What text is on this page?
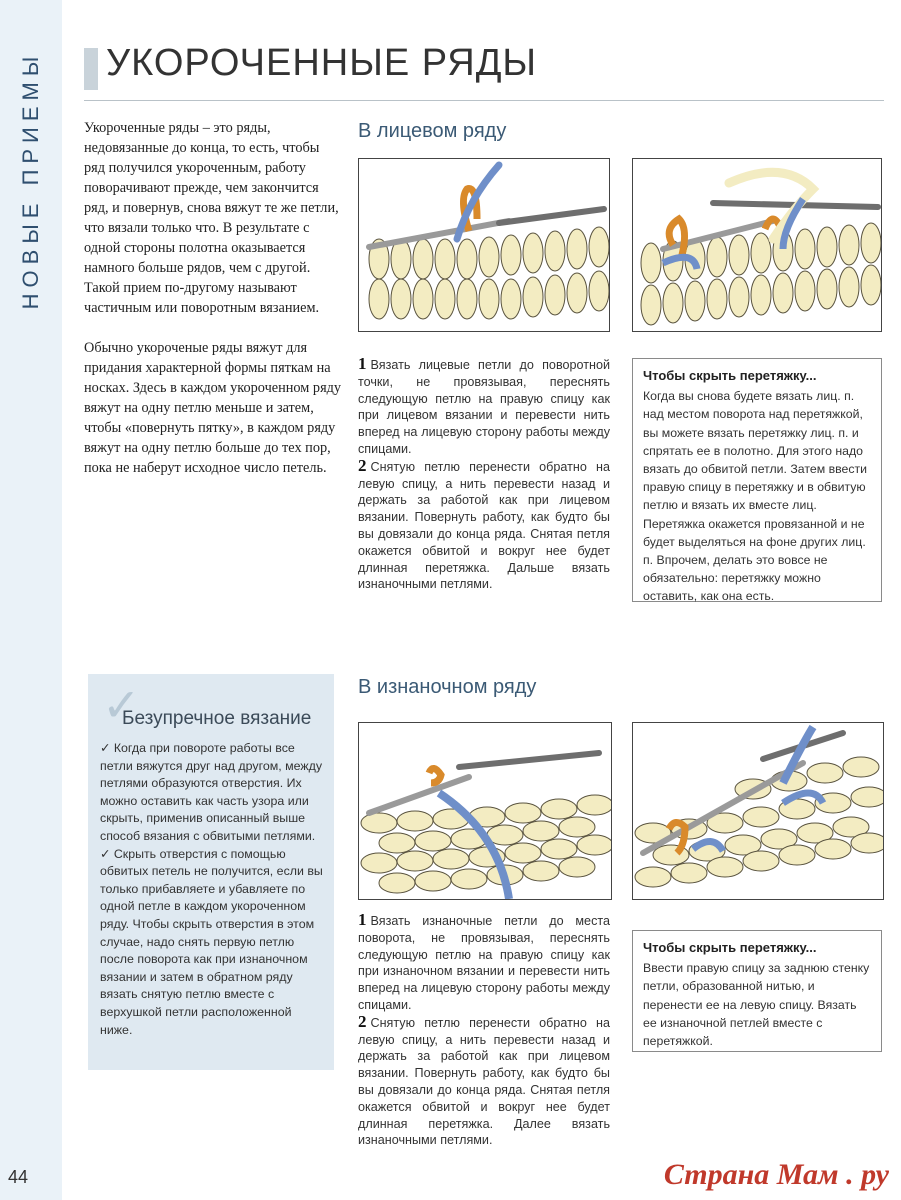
НОВЫЕ ПРИЕМЫ
44
УКОРОЧЕННЫЕ РЯДЫ

Укороченные ряды – это ряды, недовязанные до конца, то есть, чтобы ряд получился укороченным, работу поворачивают прежде, чем закончится ряд, и повернув, снова вяжут те же петли, что вязали только что. В результате с одной стороны полотна оказывается намного больше рядов, чем с другой. Такой прием по-другому называют частичным или поворотным вязанием.

Обычно укороченые ряды вяжут для придания характерной формы пяткам на носках. Здесь в каждом укороченном ряду вяжут на одну петлю меньше и затем, чтобы «повернуть пятку», в каждом ряду вяжут на одну петлю больше до тех пор, пока не наберут исходное число петель.

В лицевом ряду

1 Вязать лицевые петли до поворотной точки, не провязывая, переснять следующую петлю на правую спицу как при лицевом вязании и перевести нить вперед на лицевую сторону работы между спицами.

2 Снятую петлю перенести обратно на левую спицу, а нить перевести назад и держать за работой как при лицевом вязании. Повернуть работу, как будто бы вы довязали до конца ряда. Снятая петля окажется обвитой и вокруг нее будет длинная перетяжка. Дальше вязать изнаночными петлями.

Чтобы скрыть перетяжку...
Когда вы снова будете вязать лиц. п. над местом поворота над перетяжкой, вы можете вязать перетяжку лиц. п. и спрятать ее в полотно. Для этого надо вязать до обвитой петли. Затем ввести правую спицу в перетяжку и в обвитую петлю и вязать их вместе лиц. Перетяжка окажется провязанной и не будет выделяться на фоне других лиц. п. Впрочем, делать это вовсе не обязательно: перетяжку можно оставить, как она есть.
✓
Безупречное вязание

✓ Когда при повороте работы все петли вяжутся друг над другом, между петлями образуются отверстия. Их можно оставить как часть узора или скрыть, применив описанный выше способ вязания с обвитыми петлями.

✓ Скрыть отверстия с помощью обвитых петель не получится, если вы только прибавляете и убавляете по одной петле в каждом укороченном ряду. Чтобы скрыть отверстия в этом случае, надо снять первую петлю после поворота как при изнаночном вязании и затем в обратном ряду вязать снятую петлю вместе с верхушкой петли расположенной ниже.

В изнаночном ряду

1 Вязать изнаночные петли до места поворота, не провязывая, переснять следующую петлю на правую спицу как при изнаночном вязании и перевести нить вперед на лицевую сторону работы между спицами.

2 Снятую петлю перенести обратно на левую спицу, а нить перевести назад и держать за работой как при лицевом вязании. Повернуть работу, как будто бы вы довязали до конца ряда. Снятая петля окажется обвитой и вокруг нее будет длинная перетяжка. Далее вязать изнаночными петлями.

Чтобы скрыть перетяжку...
Ввести правую спицу за заднюю стенку петли, образованной нитью, и перенести ее на левую спицу. Вязать ее изнаночной петлей вместе с перетяжкой.
Страна Мам . ру
